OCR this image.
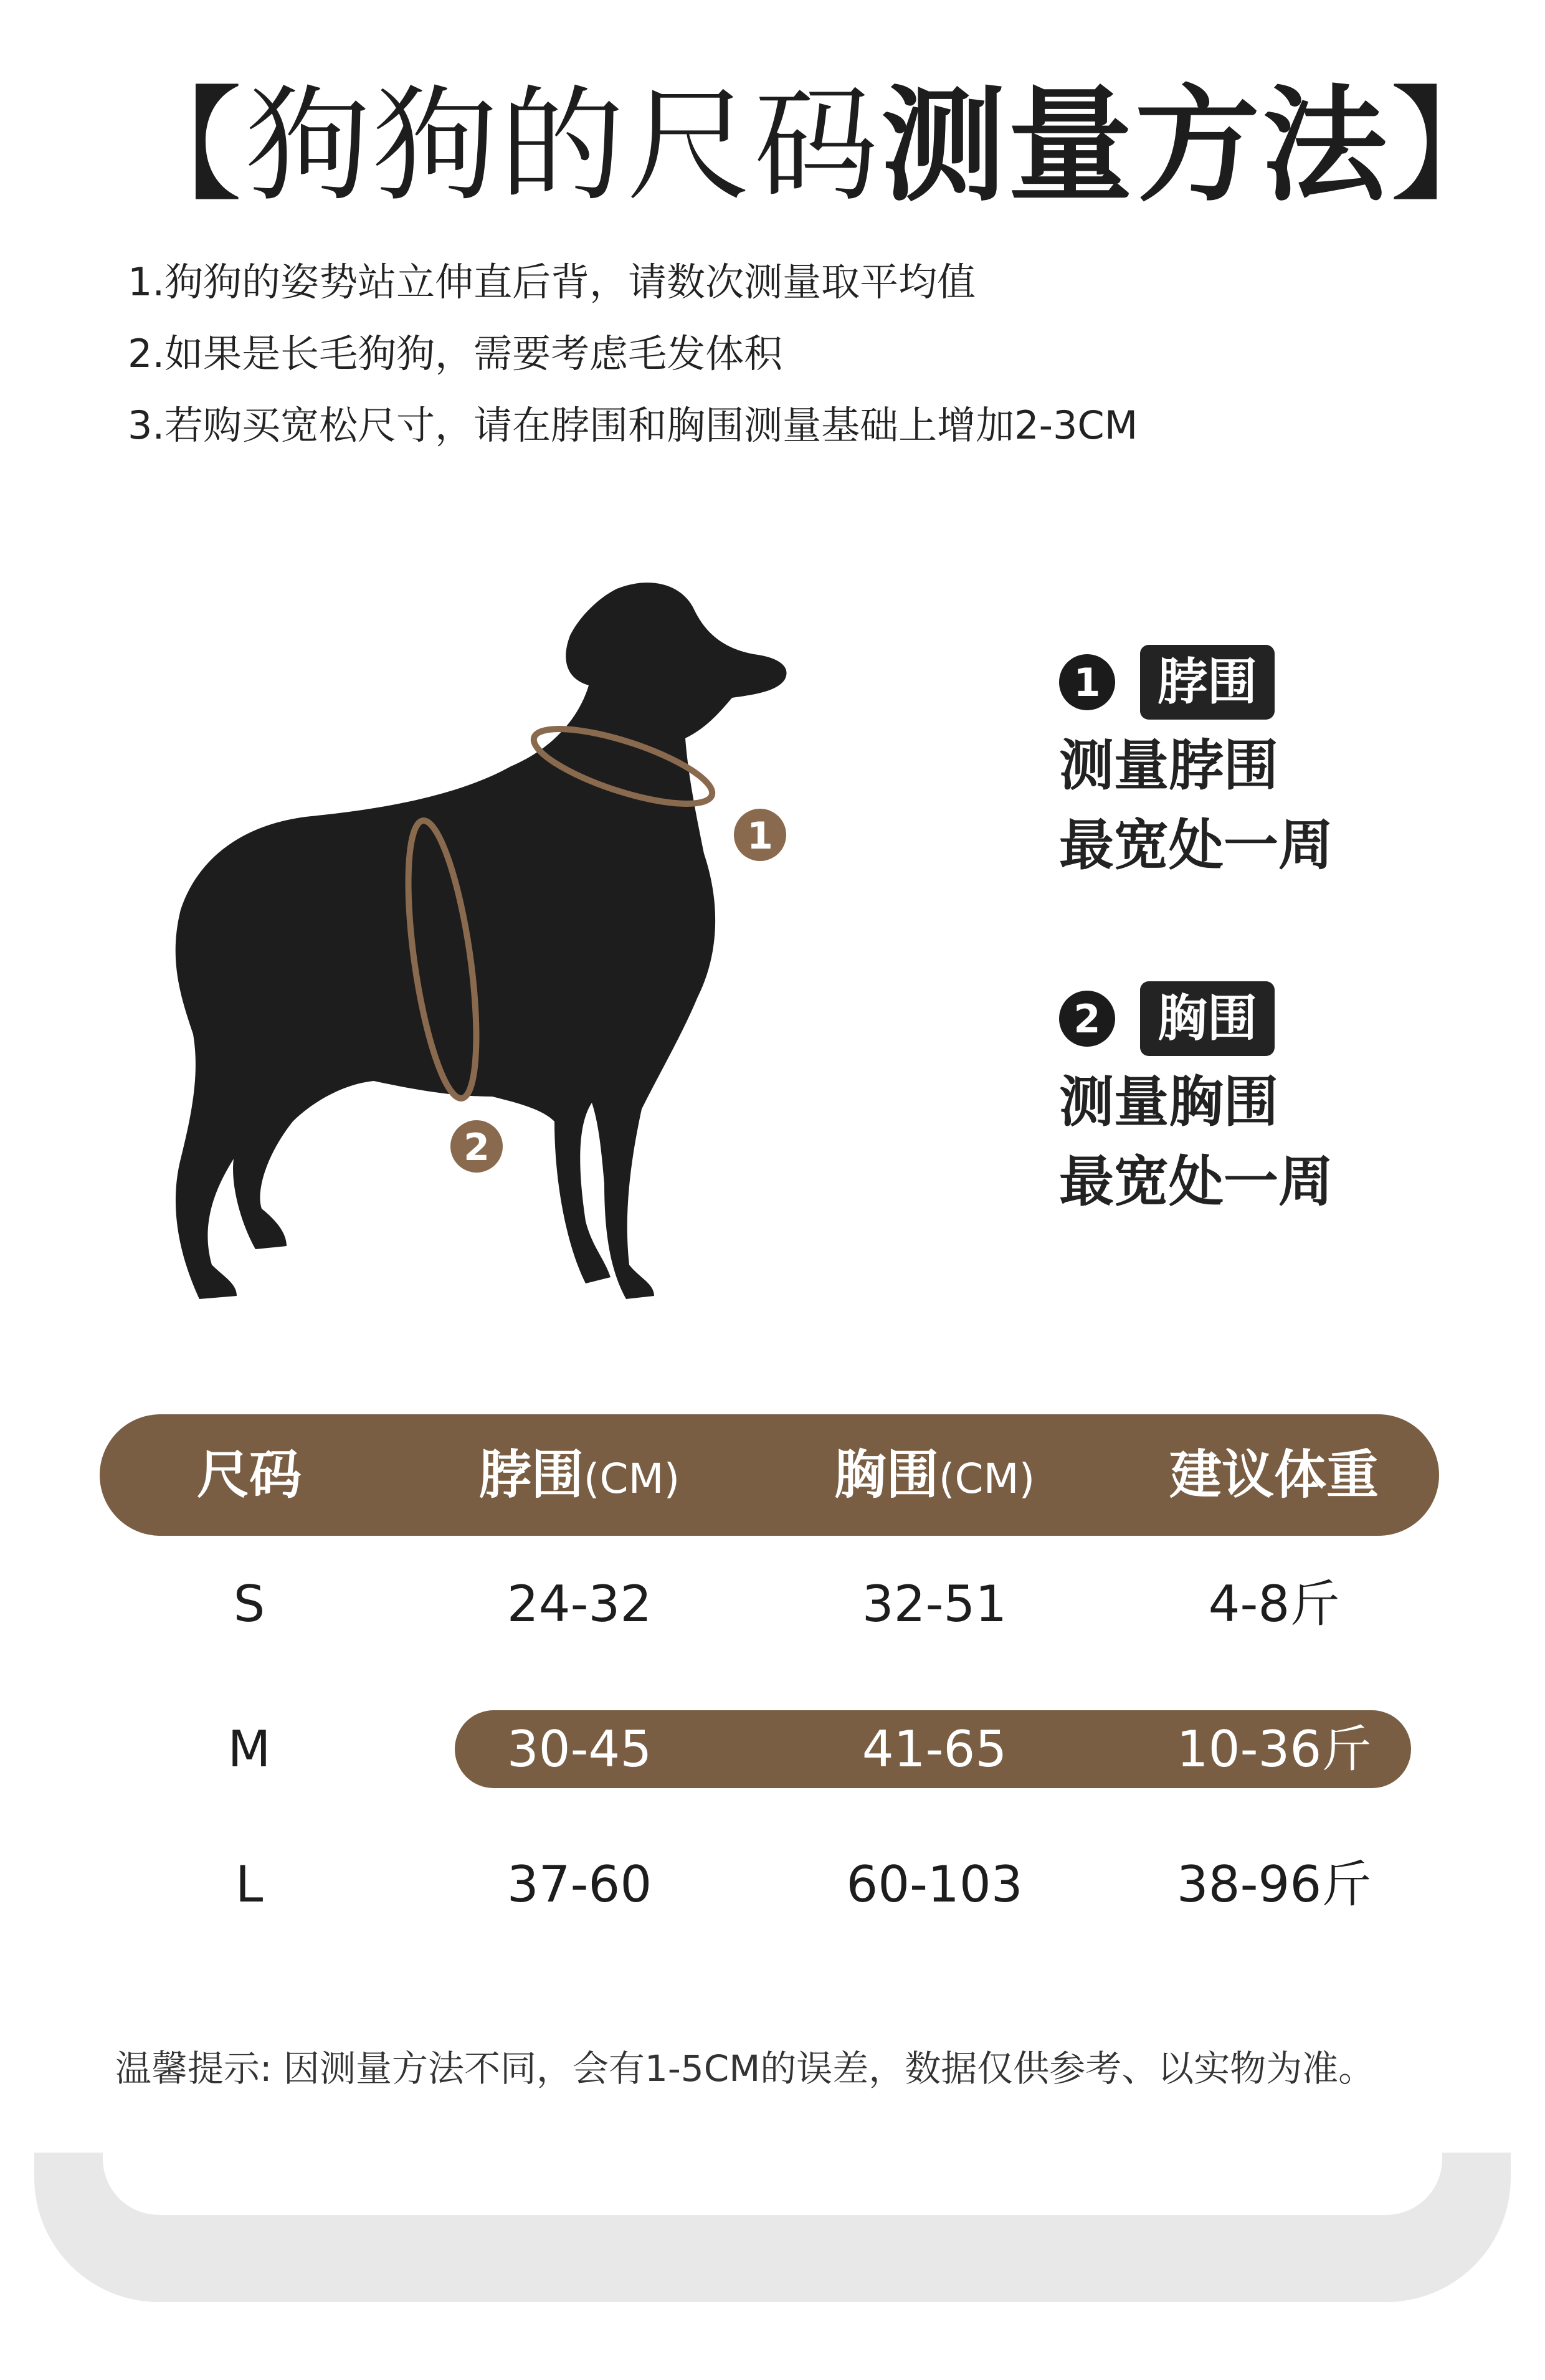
【狗狗的尺码测量方法】
1.狗狗的姿势站立伸直后背，请数次测量取平均值
2.如果是长毛狗狗，需要考虑毛发体积
3.若购买宽松尺寸，请在脖围和胸围测量基础上增加2-3CM
1
2
1	脖围
测量脖围
最宽处一周
2	胸围
测量胸围
最宽处一周
尺码	脖围(CM)	胸围(CM)	建议体重
S	24-32	32-51	4-8斤
M	30-45	41-65	10-36斤
L	37-60	60-103	38-96斤
温馨提示: 因测量方法不同，会有1-5CM的误差，数据仅供参考、以实物为准。
